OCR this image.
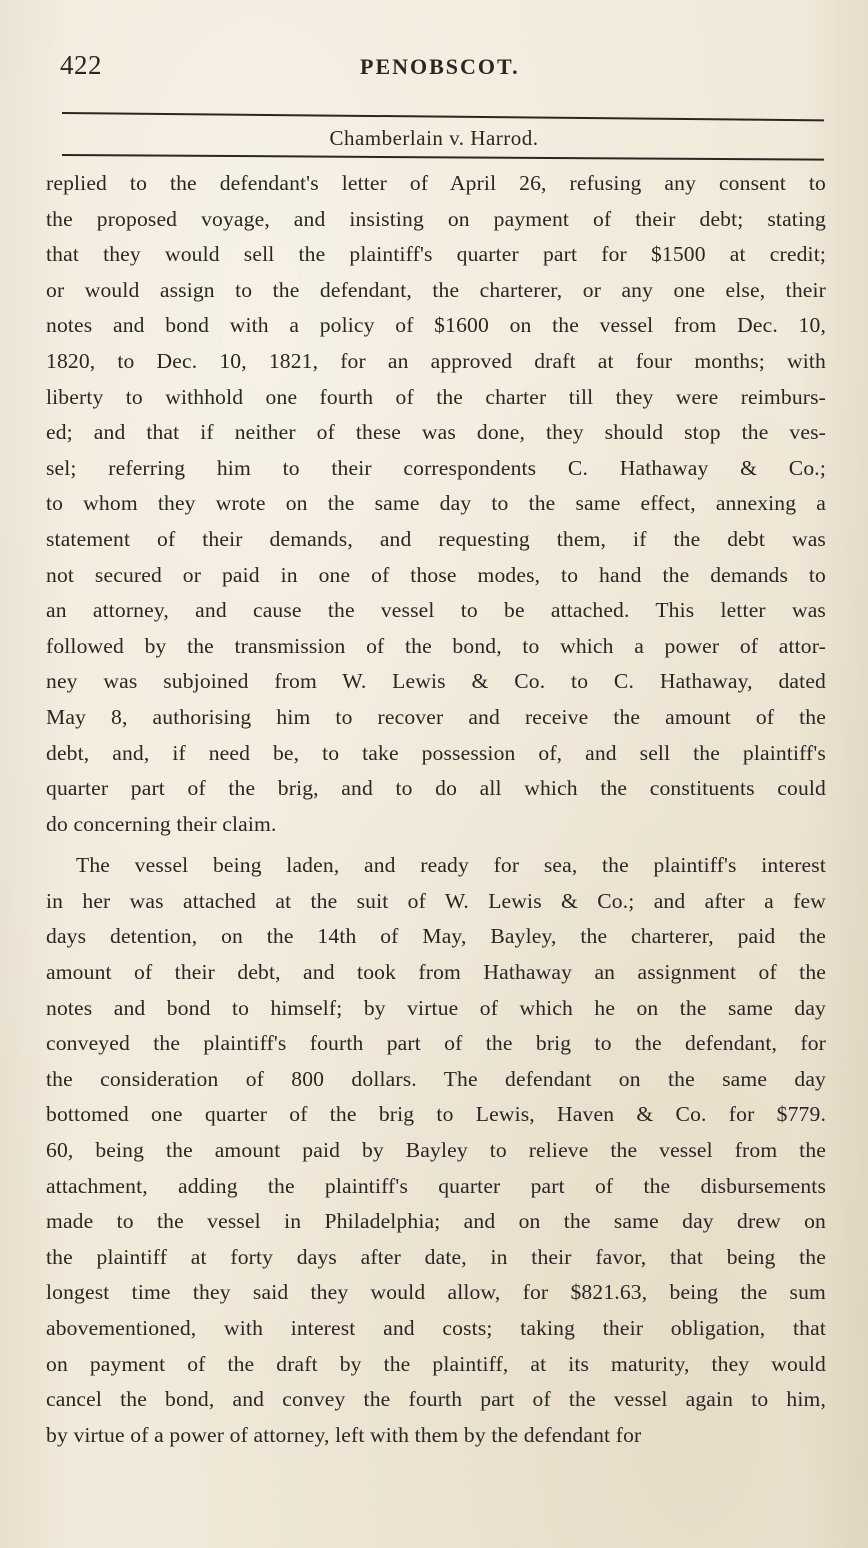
422	PENOBSCOT.
Chamberlain v. Harrod.
replied to the defendant's letter of April 26, refusing any consent to
the proposed voyage, and insisting on payment of their debt; stating
that they would sell the plaintiff's quarter part for $1500 at credit;
or would assign to the defendant, the charterer, or any one else, their
notes and bond with a policy of $1600 on the vessel from Dec. 10,
1820, to Dec. 10, 1821, for an approved draft at four months; with
liberty to withhold one fourth of the charter till they were reimburs-
ed; and that if neither of these was done, they should stop the ves-
sel; referring him to their correspondents C. Hathaway & Co.;
to whom they wrote on the same day to the same effect, annexing a
statement of their demands, and requesting them, if the debt was
not secured or paid in one of those modes, to hand the demands to
an attorney, and cause the vessel to be attached. This letter was
followed by the transmission of the bond, to which a power of attor-
ney was subjoined from W. Lewis & Co. to C. Hathaway, dated
May 8, authorising him to recover and receive the amount of the
debt, and, if need be, to take possession of, and sell the plaintiff's
quarter part of the brig, and to do all which the constituents could
do concerning their claim.
The vessel being laden, and ready for sea, the plaintiff's interest
in her was attached at the suit of W. Lewis & Co.; and after a few
days detention, on the 14th of May, Bayley, the charterer, paid the
amount of their debt, and took from Hathaway an assignment of the
notes and bond to himself; by virtue of which he on the same day
conveyed the plaintiff's fourth part of the brig to the defendant, for
the consideration of 800 dollars. The defendant on the same day
bottomed one quarter of the brig to Lewis, Haven & Co. for $779.
60, being the amount paid by Bayley to relieve the vessel from the
attachment, adding the plaintiff's quarter part of the disbursements
made to the vessel in Philadelphia; and on the same day drew on
the plaintiff at forty days after date, in their favor, that being the
longest time they said they would allow, for $821.63, being the sum
abovementioned, with interest and costs; taking their obligation, that
on payment of the draft by the plaintiff, at its maturity, they would
cancel the bond, and convey the fourth part of the vessel again to him,
by virtue of a power of attorney, left with them by the defendant for
